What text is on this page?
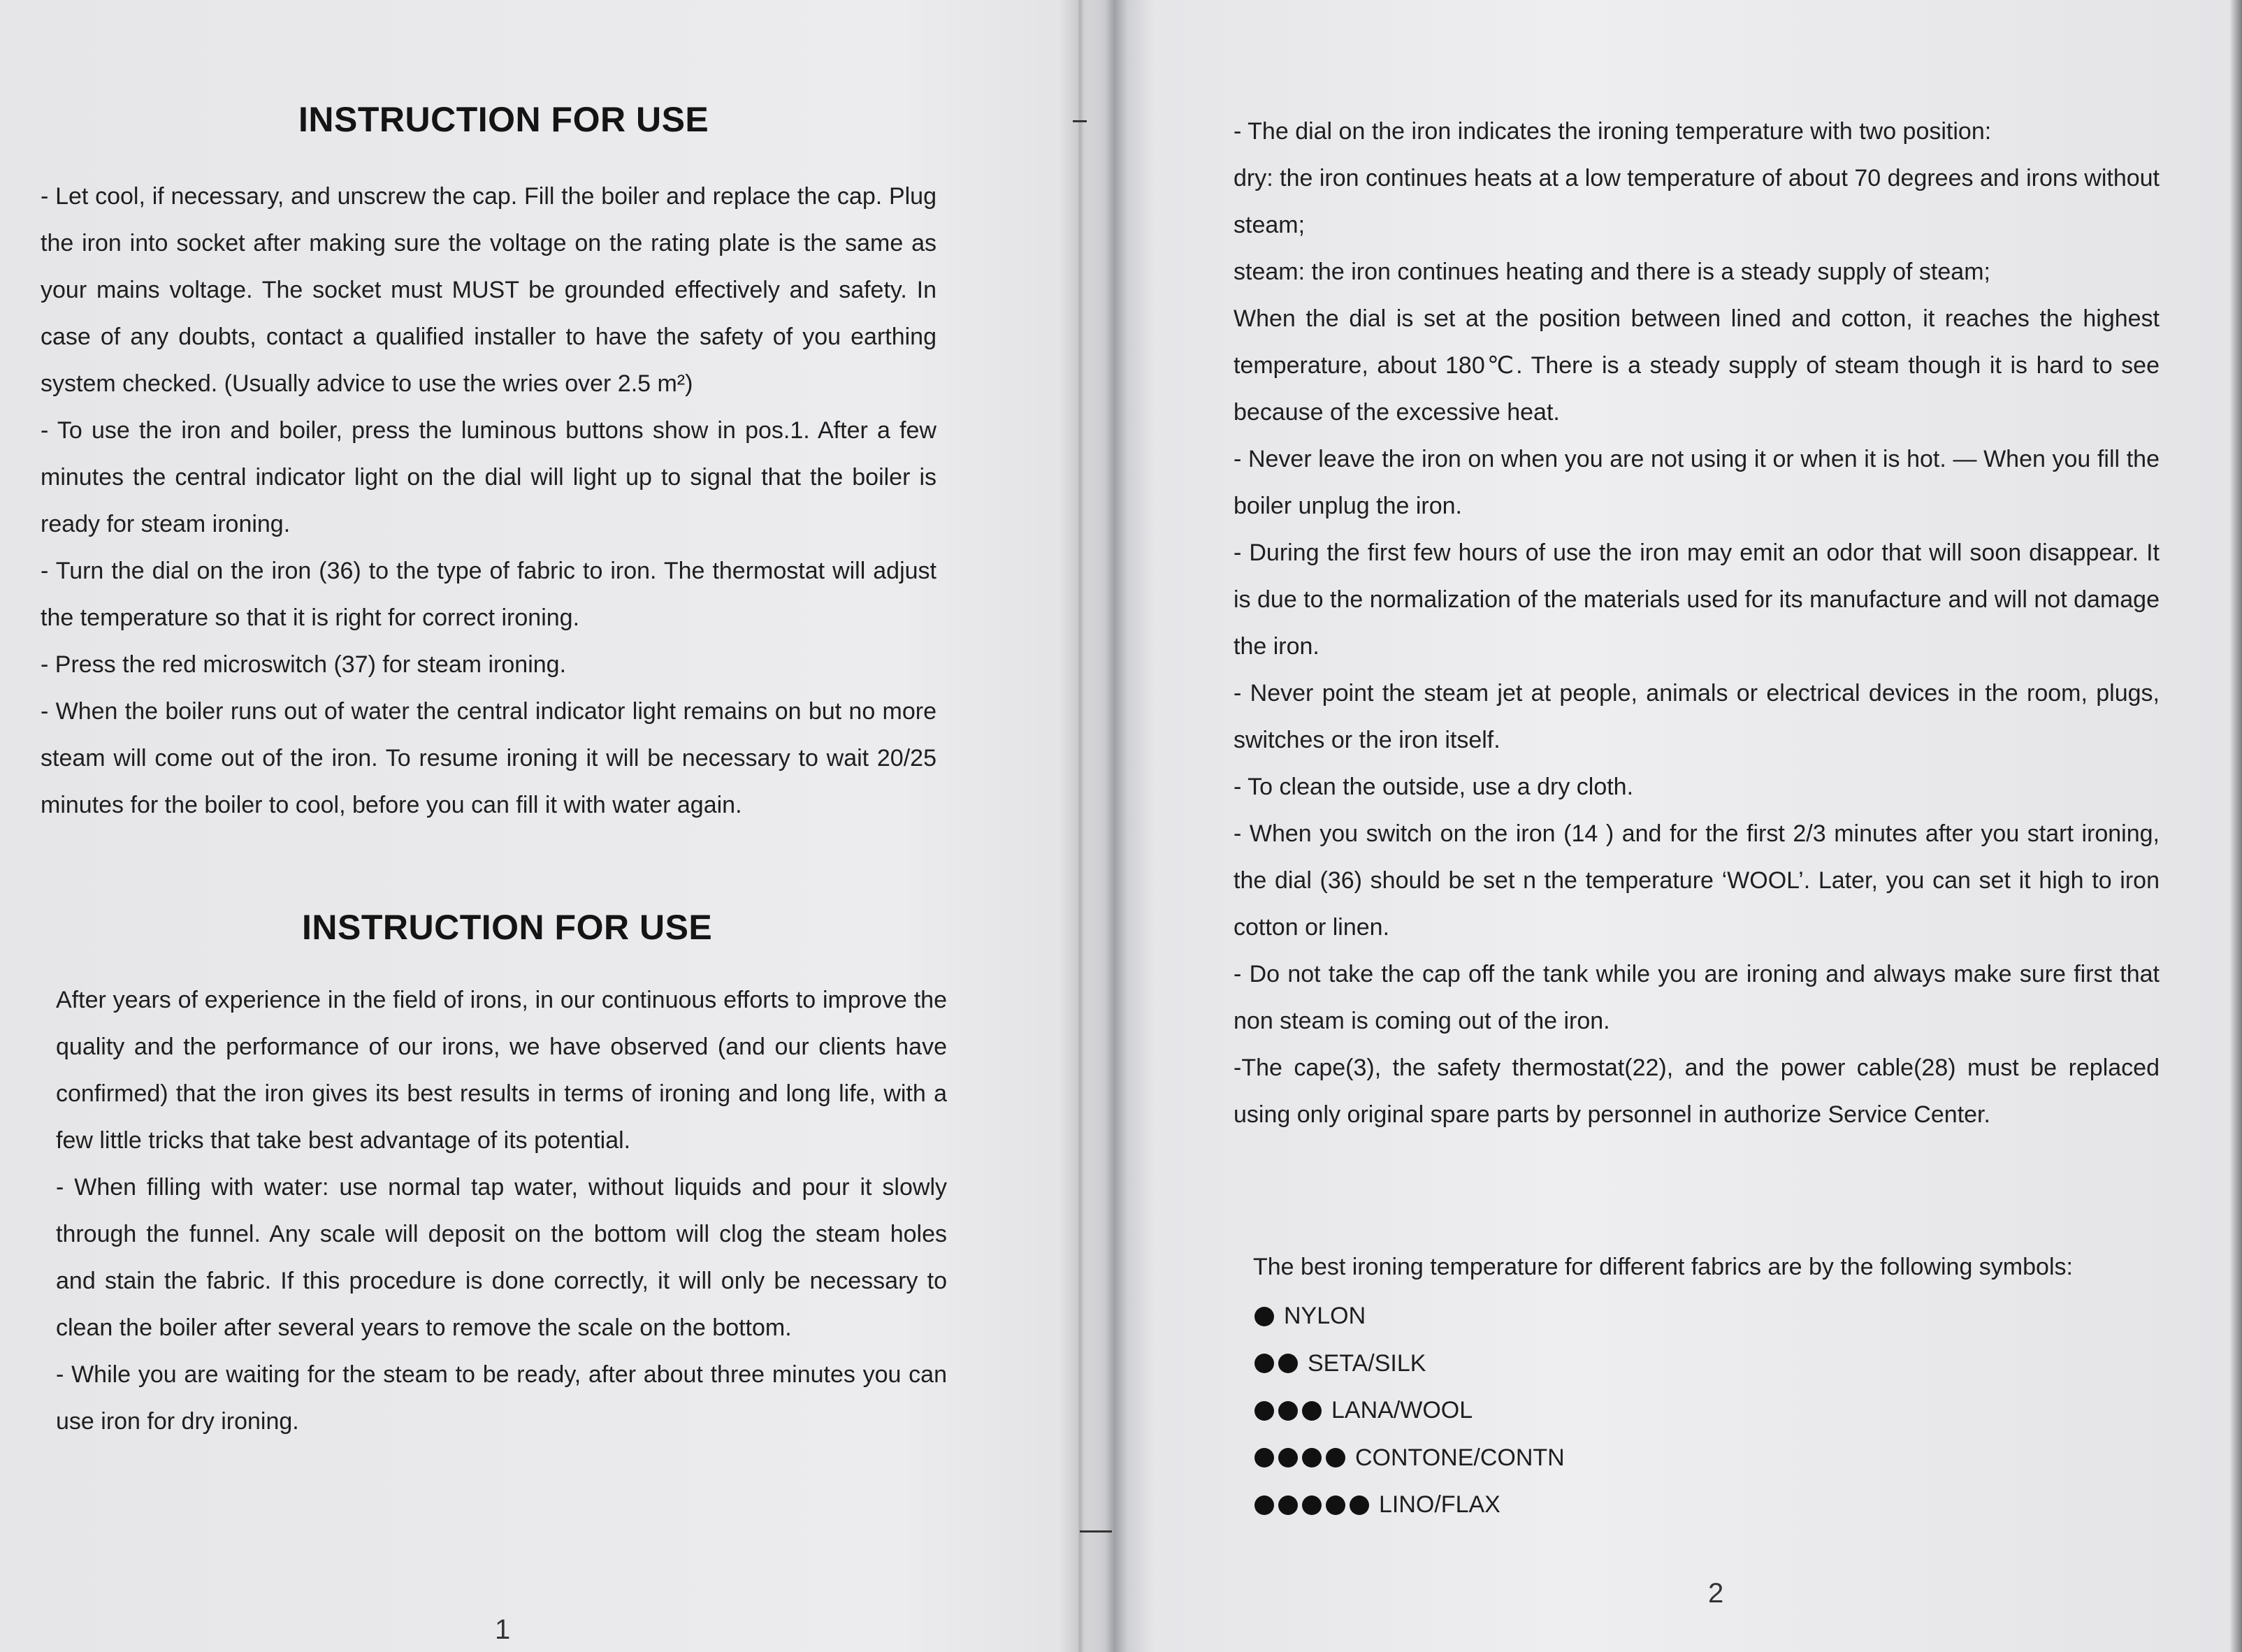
INSTRUCTION FOR USE

- Let cool, if necessary, and unscrew the cap. Fill the boiler and replace the cap. Plug the iron into socket after making sure the voltage on the rating plate is the same as your mains voltage. The socket must MUST be grounded effectively and safety. In case of any doubts, contact a qualified installer to have the safety of you earthing system checked. (Usually advice to use the wries over 2.5 m²)

- To use the iron and boiler, press the luminous buttons show in pos.1. After a few minutes the central indicator light on the dial will light up to signal that the boiler is ready for steam ironing.

- Turn the dial on the iron (36) to the type of fabric to iron. The thermostat will adjust the temperature so that it is right for correct ironing.

- Press the red microswitch (37) for steam ironing.

- When the boiler runs out of water the central indicator light remains on but no more steam will come out of the iron. To resume ironing it will be necessary to wait 20/25 minutes for the boiler to cool, before you can fill it with water again.

INSTRUCTION FOR USE

After years of experience in the field of irons, in our continuous efforts to improve the quality and the performance of our irons, we have observed (and our clients have confirmed) that the iron gives its best results in terms of ironing and long life, with a few little tricks that take best advantage of its potential.

- When filling with water: use normal tap water, without liquids and pour it slowly through the funnel. Any scale will deposit on the bottom will clog the steam holes and stain the fabric. If this procedure is done correctly, it will only be necessary to clean the boiler after several years to remove the scale on the bottom.

- While you are waiting for the steam to be ready, after about three minutes you can use iron for dry ironing.

1

- The dial on the iron indicates the ironing temperature with two position:

dry: the iron continues heats at a low temperature of about 70 degrees and irons without steam;

steam: the iron continues heating and there is a steady supply of steam;

When the dial is set at the position between lined and cotton, it reaches the highest temperature, about 180℃. There is a steady supply of steam though it is hard to see because of the excessive heat.

- Never leave the iron on when you are not using it or when it is hot. — When you fill the boiler unplug the iron.

- During the first few hours of use the iron may emit an odor that will soon disappear. It is due to the normalization of the materials used for its manufacture and will not damage the iron.

- Never point the steam jet at people, animals or electrical devices in the room, plugs, switches or the iron itself.

- To clean the outside, use a dry cloth.

- When you switch on the iron (14 ) and for the first 2/3 minutes after you start ironing, the dial (36) should be set n the temperature ‘WOOL’. Later, you can set it high to iron cotton or linen.

- Do not take the cap off the tank while you are ironing and always make sure first that non steam is coming out of the iron.

-The cape(3), the safety thermostat(22), and the power cable(28) must be replaced using only original spare parts by personnel in authorize Service Center.

The best ironing temperature for different fabrics are by the following symbols:
NYLON
SETA/SILK
LANA/WOOL
CONTONE/CONTN
LINO/FLAX
2
